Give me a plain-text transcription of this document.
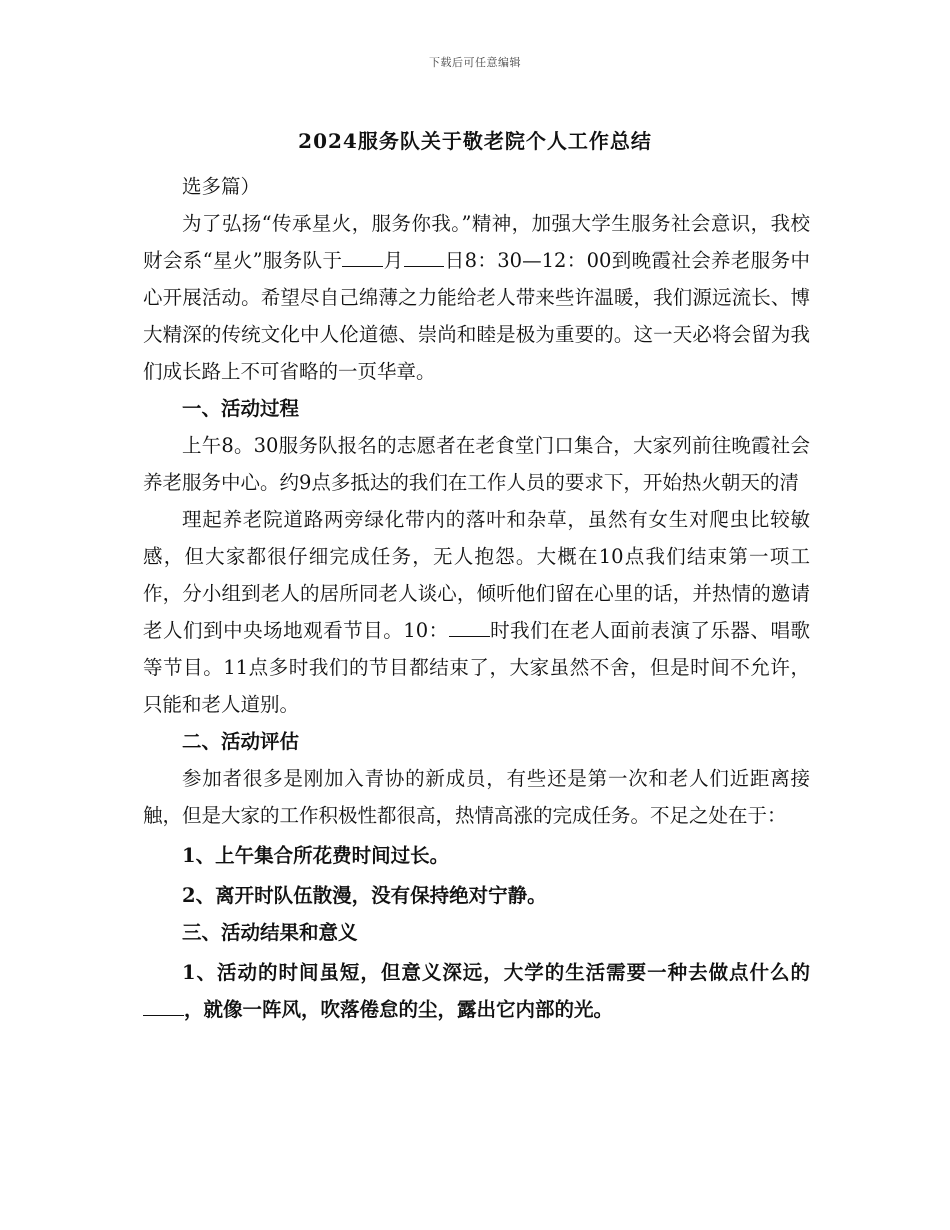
下载后可任意编辑
2024服务队关于敬老院个人工作总结

选多篇）

为了弘扬“传承星火，服务你我。”精神，加强大学生服务社会意识，我校财会系“星火”服务队于 月 日8：30—12：00到晚霞社会养老服务中心开展活动。希望尽自己绵薄之力能给老人带来些许温暖，我们源远流长、博大精深的传统文化中人伦道德、崇尚和睦是极为重要的。这一天必将会留为我们成长路上不可省略的一页华章。

一、活动过程

上午8。30服务队报名的志愿者在老食堂门口集合，大家列前往晚霞社会养老服务中心。约9点多抵达的我们在工作人员的要求下，开始热火朝天的清

理起养老院道路两旁绿化带内的落叶和杂草，虽然有女生对爬虫比较敏感，但大家都很仔细完成任务，无人抱怨。大概在10点我们结束第一项工作，分小组到老人的居所同老人谈心，倾听他们留在心里的话，并热情的邀请老人们到中央场地观看节目。10： 时我们在老人面前表演了乐器、唱歌等节目。11点多时我们的节目都结束了，大家虽然不舍，但是时间不允许，只能和老人道别。

二、活动评估

参加者很多是刚加入青协的新成员，有些还是第一次和老人们近距离接触，但是大家的工作积极性都很高，热情高涨的完成任务。不足之处在于：

1、上午集合所花费时间过长。

2、离开时队伍散漫，没有保持绝对宁静。

三、活动结果和意义

1、活动的时间虽短，但意义深远，大学的生活需要一种去做点什么的，就像一阵风，吹落倦怠的尘，露出它内部的光。
